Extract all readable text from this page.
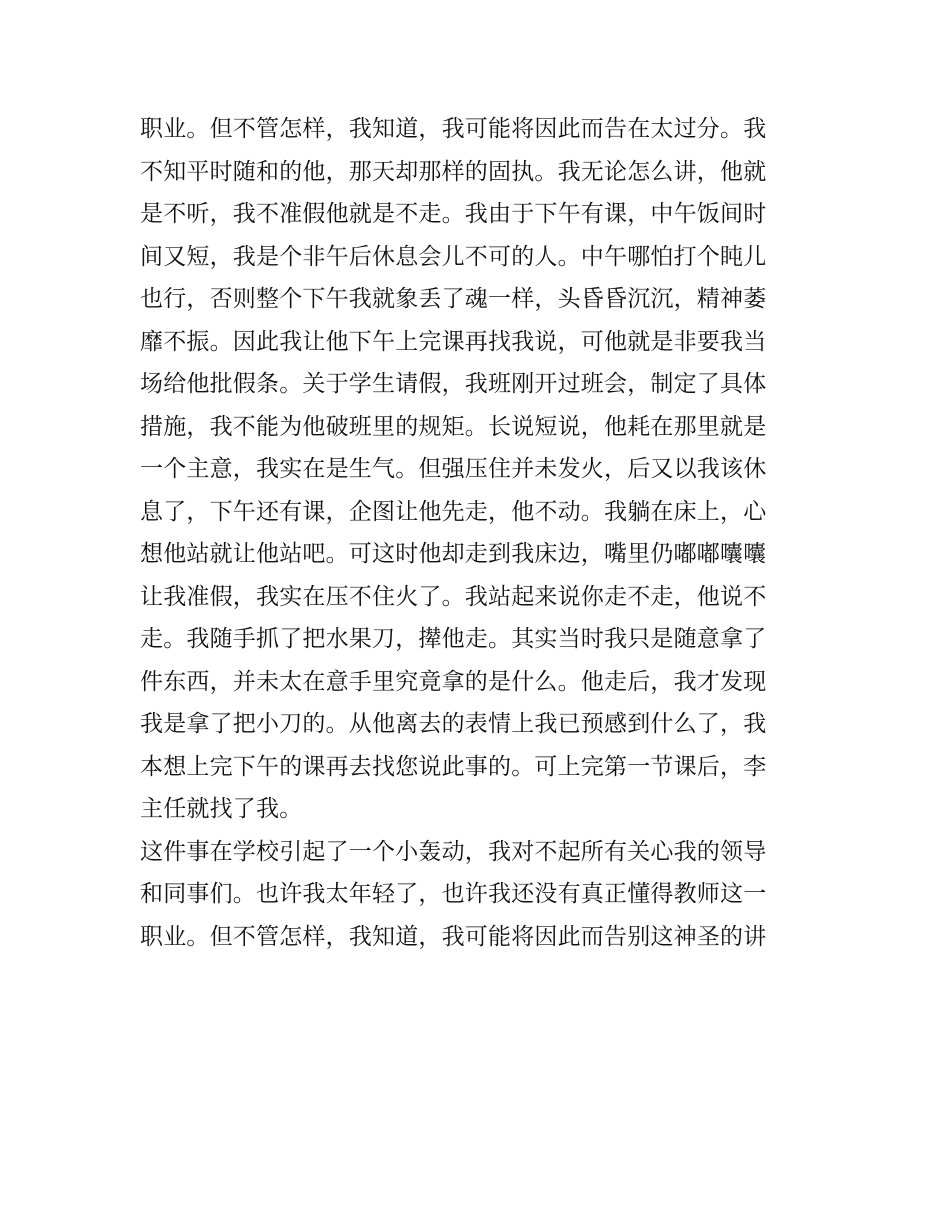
职业。但不管怎样，我知道，我可能将因此而告在太过分。我
不知平时随和的他，那天却那样的固执。我无论怎么讲，他就
是不听，我不准假他就是不走。我由于下午有课，中午饭间时
间又短，我是个非午后休息会儿不可的人。中午哪怕打个盹儿
也行，否则整个下午我就象丢了魂一样，头昏昏沉沉，精神萎
靡不振。因此我让他下午上完课再找我说，可他就是非要我当
场给他批假条。关于学生请假，我班刚开过班会，制定了具体
措施，我不能为他破班里的规矩。长说短说，他耗在那里就是
一个主意，我实在是生气。但强压住并未发火，后又以我该休
息了，下午还有课，企图让他先走，他不动。我躺在床上，心
想他站就让他站吧。可这时他却走到我床边，嘴里仍嘟嘟囔囔
让我准假，我实在压不住火了。我站起来说你走不走，他说不
走。我随手抓了把水果刀，撵他走。其实当时我只是随意拿了
件东西，并未太在意手里究竟拿的是什么。他走后，我才发现
我是拿了把小刀的。从他离去的表情上我已预感到什么了，我
本想上完下午的课再去找您说此事的。可上完第一节课后，李
主任就找了我。
这件事在学校引起了一个小轰动，我对不起所有关心我的领导
和同事们。也许我太年轻了，也许我还没有真正懂得教师这一
职业。但不管怎样，我知道，我可能将因此而告别这神圣的讲
